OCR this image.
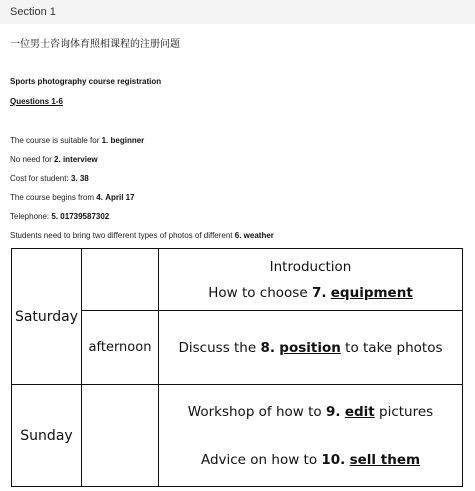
Section 1
一位男士咨询体育照相课程的注册问题
Sports photography course registration
Questions 1-6
The course is suitable for 1. beginner
No need for 2. interview
Cost for student: 3. 38
The course begins from 4. April 17
Telephone: 5. 01739587302
Students need to bring two different types of photos of different 6. weather
Saturday		Introduction
How to choose 7. equipment

	afternoon	Discuss the 8. position to take photos
Sunday		Workshop of how to 9. edit pictures
Advice on how to 10. sell them
